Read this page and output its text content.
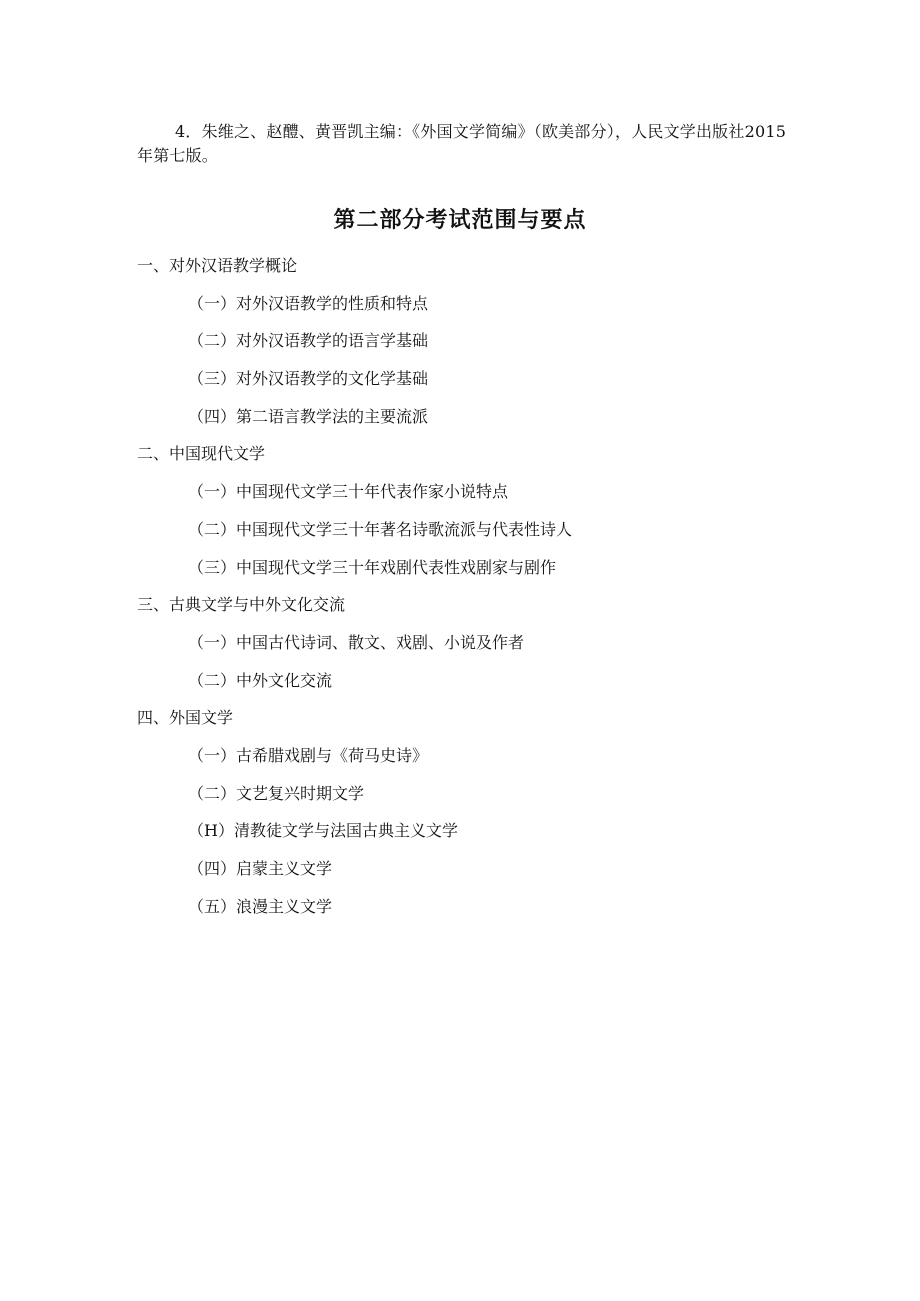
4．朱维之、赵醴、黄晋凯主编：《外国文学简编》（欧美部分），人民文学出版社2015年第七版。

第二部分考试范围与要点
一、对外汉语教学概论
（一）对外汉语教学的性质和特点
（二）对外汉语教学的语言学基础
（三）对外汉语教学的文化学基础
（四）第二语言教学法的主要流派
二、中国现代文学
（一）中国现代文学三十年代表作家小说特点
（二）中国现代文学三十年著名诗歌流派与代表性诗人
（三）中国现代文学三十年戏剧代表性戏剧家与剧作
三、古典文学与中外文化交流
（一）中国古代诗词、散文、戏剧、小说及作者
（二）中外文化交流
四、外国文学
（一）古希腊戏剧与《荷马史诗》
（二）文艺复兴时期文学
（H）清教徒文学与法国古典主义文学
（四）启蒙主义文学
（五）浪漫主义文学
